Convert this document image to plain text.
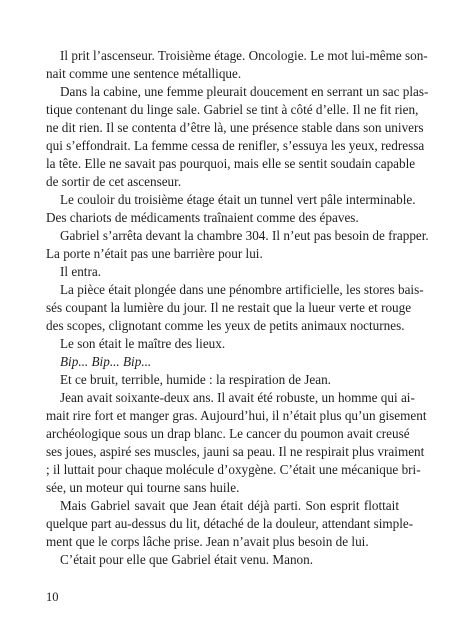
Il prit l’ascenseur. Troisième étage. Oncologie. Le mot lui-même son-
nait comme une sentence métallique.
Dans la cabine, une femme pleurait doucement en serrant un sac plas-
tique contenant du linge sale. Gabriel se tint à côté d’elle. Il ne fit rien,
ne dit rien. Il se contenta d’être là, une présence stable dans son univers
qui s’effondrait. La femme cessa de renifler, s’essuya les yeux, redressa
la tête. Elle ne savait pas pourquoi, mais elle se sentit soudain capable
de sortir de cet ascenseur.
Le couloir du troisième étage était un tunnel vert pâle interminable.
Des chariots de médicaments traînaient comme des épaves.
Gabriel s’arrêta devant la chambre 304. Il n’eut pas besoin de frapper.
La porte n’était pas une barrière pour lui.
Il entra.
La pièce était plongée dans une pénombre artificielle, les stores bais-
sés coupant la lumière du jour. Il ne restait que la lueur verte et rouge
des scopes, clignotant comme les yeux de petits animaux nocturnes.
Le son était le maître des lieux.
Bip... Bip... Bip...
Et ce bruit, terrible, humide : la respiration de Jean.
Jean avait soixante-deux ans. Il avait été robuste, un homme qui ai-
mait rire fort et manger gras. Aujourd’hui, il n’était plus qu’un gisement
archéologique sous un drap blanc. Le cancer du poumon avait creusé
ses joues, aspiré ses muscles, jauni sa peau. Il ne respirait plus vraiment
; il luttait pour chaque molécule d’oxygène. C’était une mécanique bri-
sée, un moteur qui tourne sans huile.
Mais Gabriel savait que Jean était déjà parti. Son esprit flottait
quelque part au-dessus du lit, détaché de la douleur, attendant simple-
ment que le corps lâche prise. Jean n’avait plus besoin de lui.
C’était pour elle que Gabriel était venu. Manon.
10
